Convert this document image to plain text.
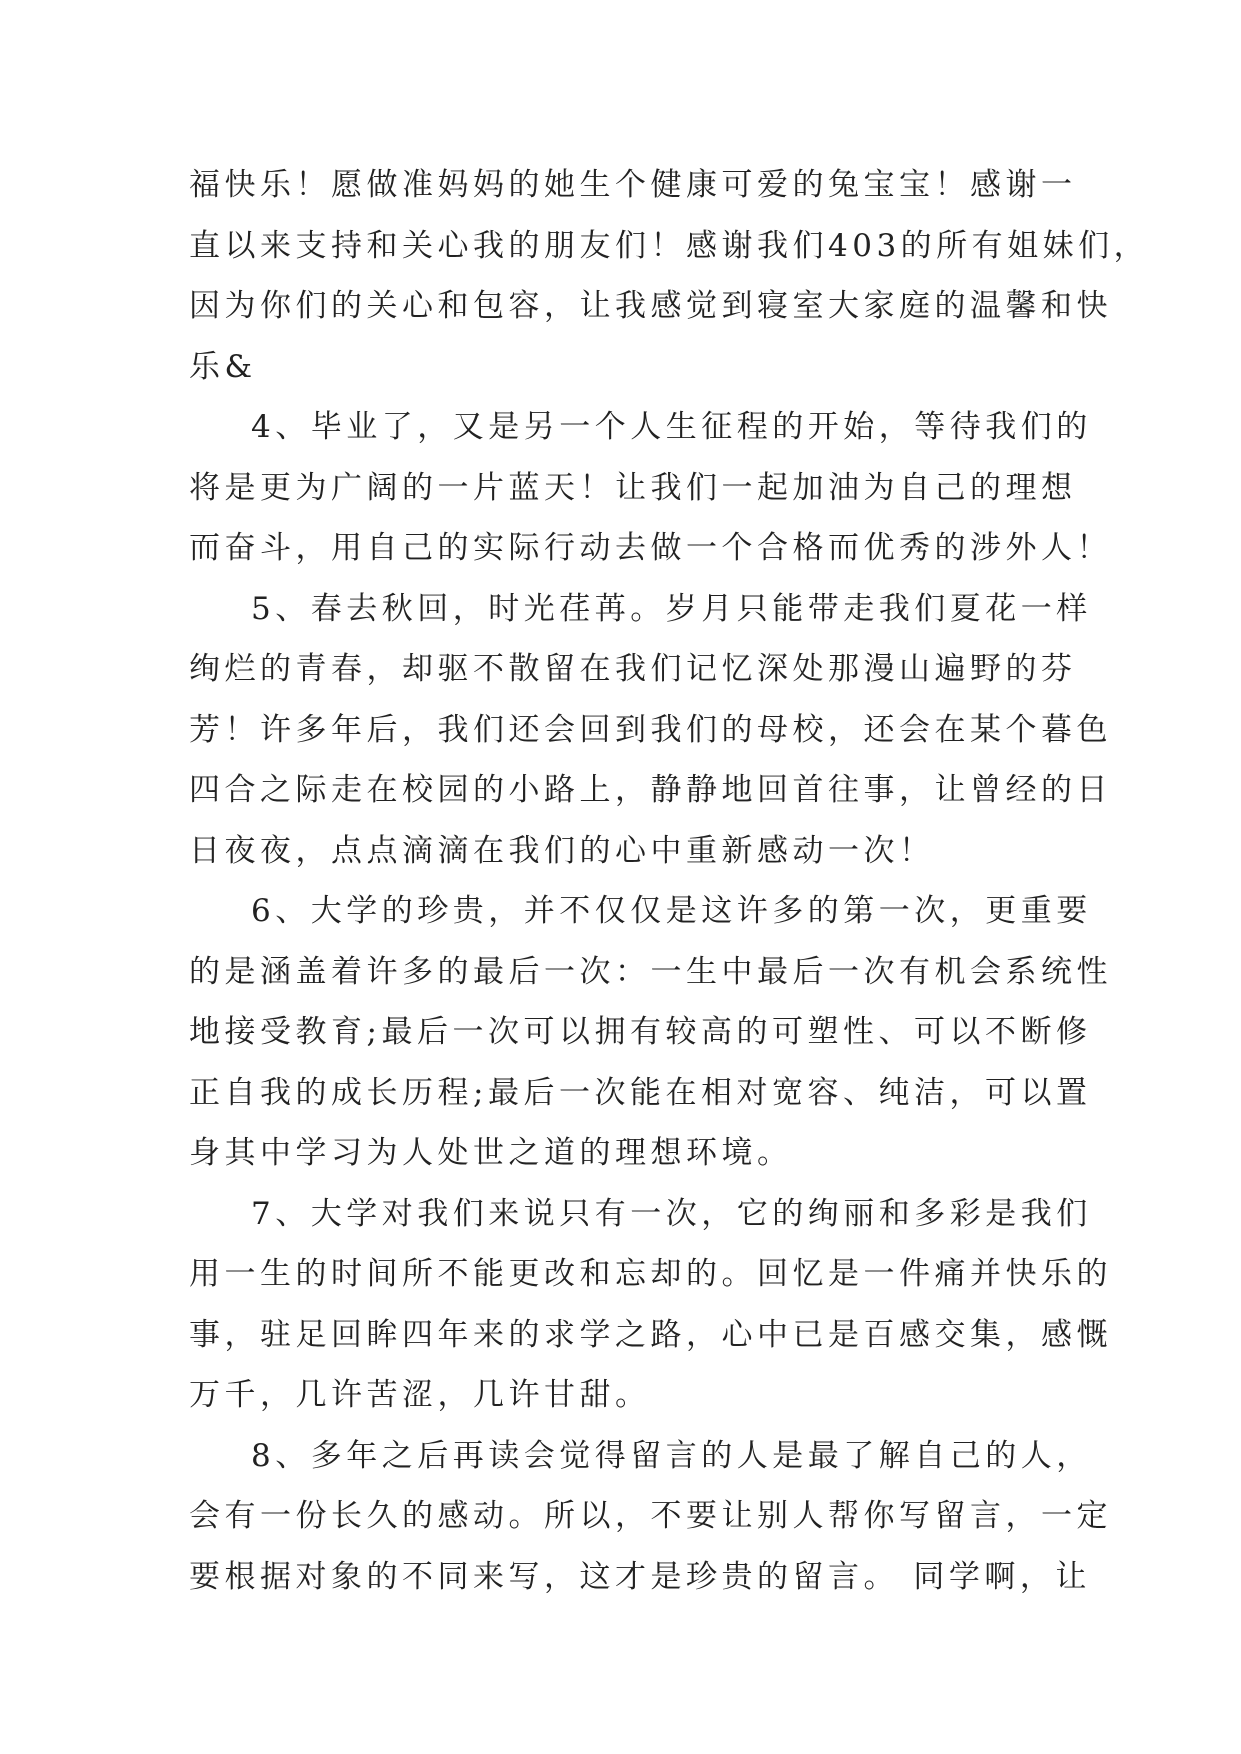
福快乐！愿做准妈妈的她生个健康可爱的兔宝宝！感谢一
直以来支持和关心我的朋友们！感谢我们403的所有姐妹们，
因为你们的关心和包容，让我感觉到寝室大家庭的温馨和快
乐&
4、毕业了，又是另一个人生征程的开始，等待我们的
将是更为广阔的一片蓝天！让我们一起加油为自己的理想
而奋斗，用自己的实际行动去做一个合格而优秀的涉外人！
5、春去秋回，时光荏苒。岁月只能带走我们夏花一样
绚烂的青春，却驱不散留在我们记忆深处那漫山遍野的芬
芳！许多年后，我们还会回到我们的母校，还会在某个暮色
四合之际走在校园的小路上，静静地回首往事，让曾经的日
日夜夜，点点滴滴在我们的心中重新感动一次！
6、大学的珍贵，并不仅仅是这许多的第一次，更重要
的是涵盖着许多的最后一次：一生中最后一次有机会系统性
地接受教育;最后一次可以拥有较高的可塑性、可以不断修
正自我的成长历程;最后一次能在相对宽容、纯洁，可以置
身其中学习为人处世之道的理想环境。
7、大学对我们来说只有一次，它的绚丽和多彩是我们
用一生的时间所不能更改和忘却的。回忆是一件痛并快乐的
事，驻足回眸四年来的求学之路，心中已是百感交集，感慨
万千，几许苦涩，几许甘甜。
8、多年之后再读会觉得留言的人是最了解自己的人，
会有一份长久的感动。所以，不要让别人帮你写留言，一定
要根据对象的不同来写，这才是珍贵的留言。 同学啊，让
